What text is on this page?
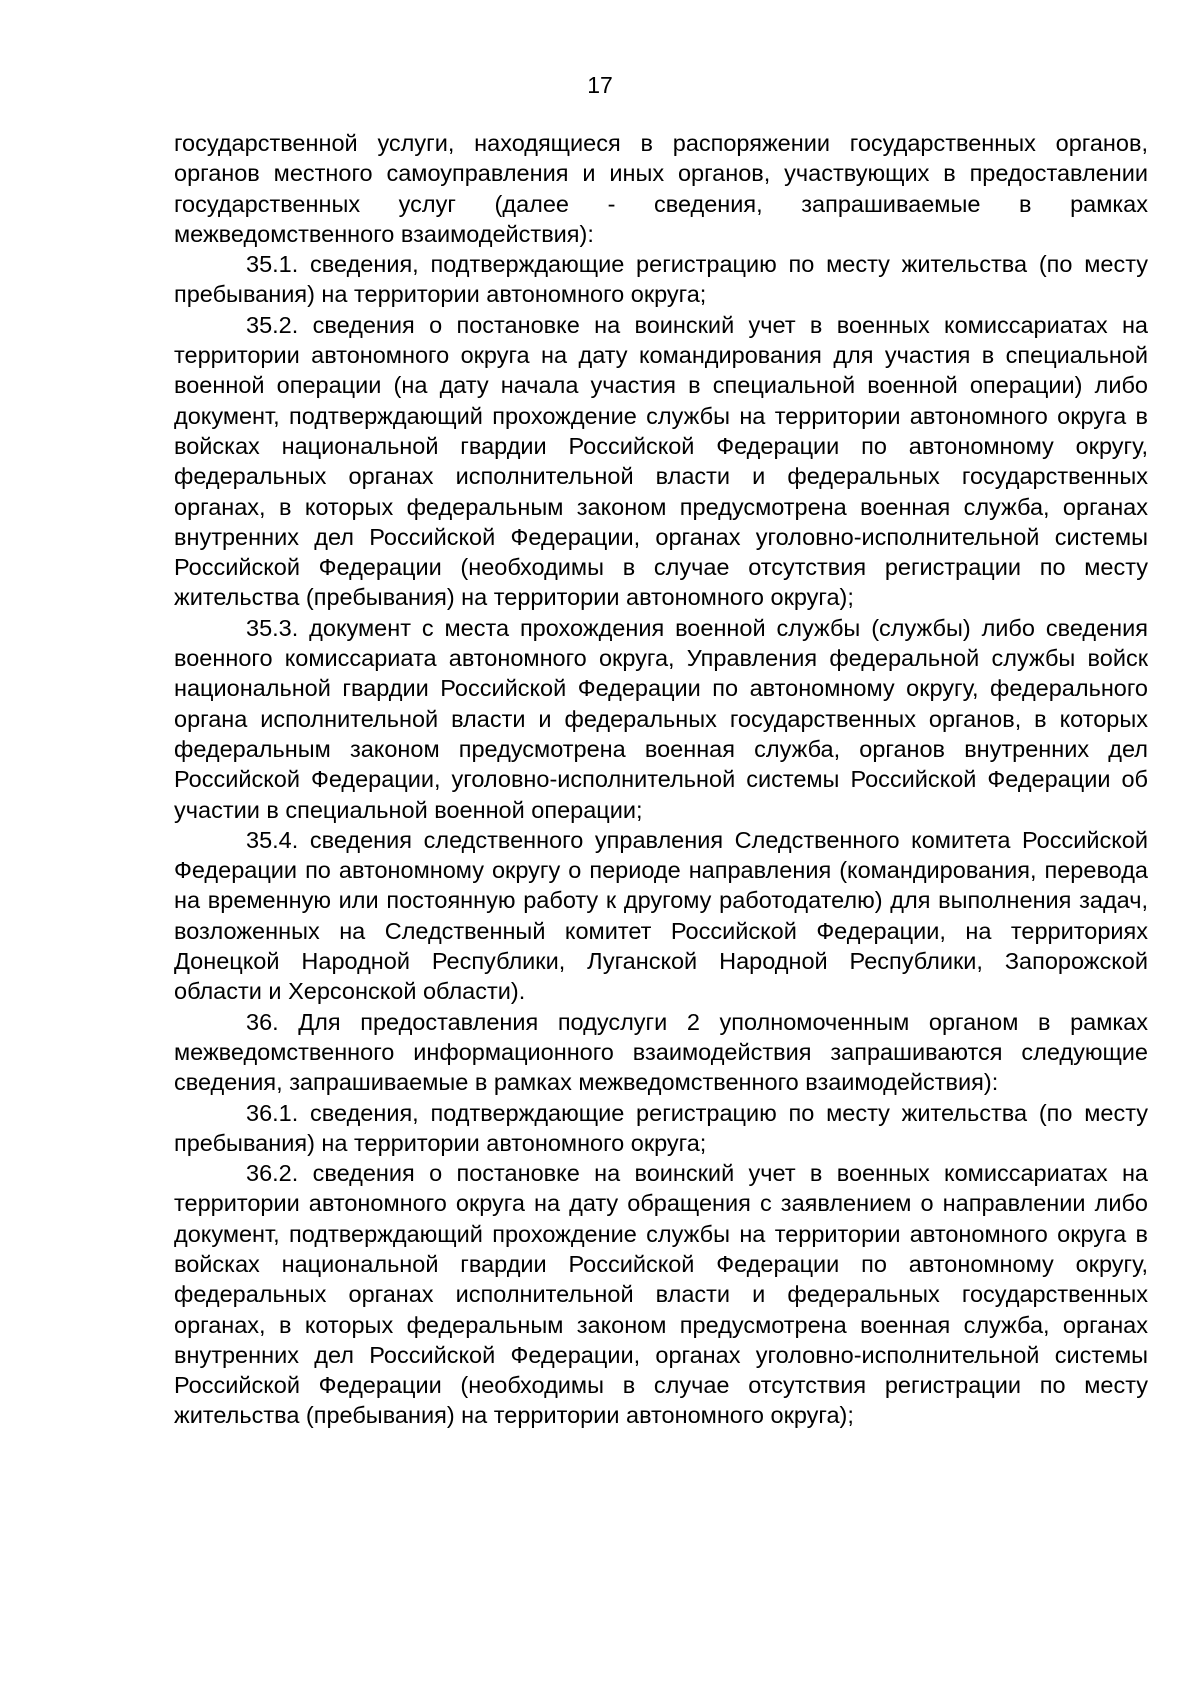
17

государственной услуги, находящиеся в распоряжении государственных органов, органов местного самоуправления и иных органов, участвующих в предоставлении государственных услуг (далее - сведения, запрашиваемые в рамках межведомственного взаимодействия):

35.1. сведения, подтверждающие регистрацию по месту жительства (по месту пребывания) на территории автономного округа;

35.2. сведения о постановке на воинский учет в военных комиссариатах на территории автономного округа на дату командирования для участия в специальной военной операции (на дату начала участия в специальной военной операции) либо документ, подтверждающий прохождение службы на территории автономного округа в войсках национальной гвардии Российской Федерации по автономному округу, федеральных органах исполнительной власти и федеральных государственных органах, в которых федеральным законом предусмотрена военная служба, органах внутренних дел Российской Федерации, органах уголовно-исполнительной системы Российской Федерации (необходимы в случае отсутствия регистрации по месту жительства (пребывания) на территории автономного округа);

35.3. документ с места прохождения военной службы (службы) либо сведения военного комиссариата автономного округа, Управления федеральной службы войск национальной гвардии Российской Федерации по автономному округу, федерального органа исполнительной власти и федеральных государственных органов, в которых федеральным законом предусмотрена военная служба, органов внутренних дел Российской Федерации, уголовно-исполнительной системы Российской Федерации об участии в специальной военной операции;

35.4. сведения следственного управления Следственного комитета Российской Федерации по автономному округу о периоде направления (командирования, перевода на временную или постоянную работу к другому работодателю) для выполнения задач, возложенных на Следственный комитет Российской Федерации, на территориях Донецкой Народной Республики, Луганской Народной Республики, Запорожской области и Херсонской области).

36. Для предоставления подуслуги 2 уполномоченным органом в рамках межведомственного информационного взаимодействия запрашиваются следующие сведения, запрашиваемые в рамках межведомственного взаимодействия):

36.1. сведения, подтверждающие регистрацию по месту жительства (по месту пребывания) на территории автономного округа;

36.2. сведения о постановке на воинский учет в военных комиссариатах на территории автономного округа на дату обращения с заявлением о направлении либо документ, подтверждающий прохождение службы на территории автономного округа в войсках национальной гвардии Российской Федерации по автономному округу, федеральных органах исполнительной власти и федеральных государственных органах, в которых федеральным законом предусмотрена военная служба, органах внутренних дел Российской Федерации, органах уголовно-исполнительной системы Российской Федерации (необходимы в случае отсутствия регистрации по месту жительства (пребывания) на территории автономного округа);
